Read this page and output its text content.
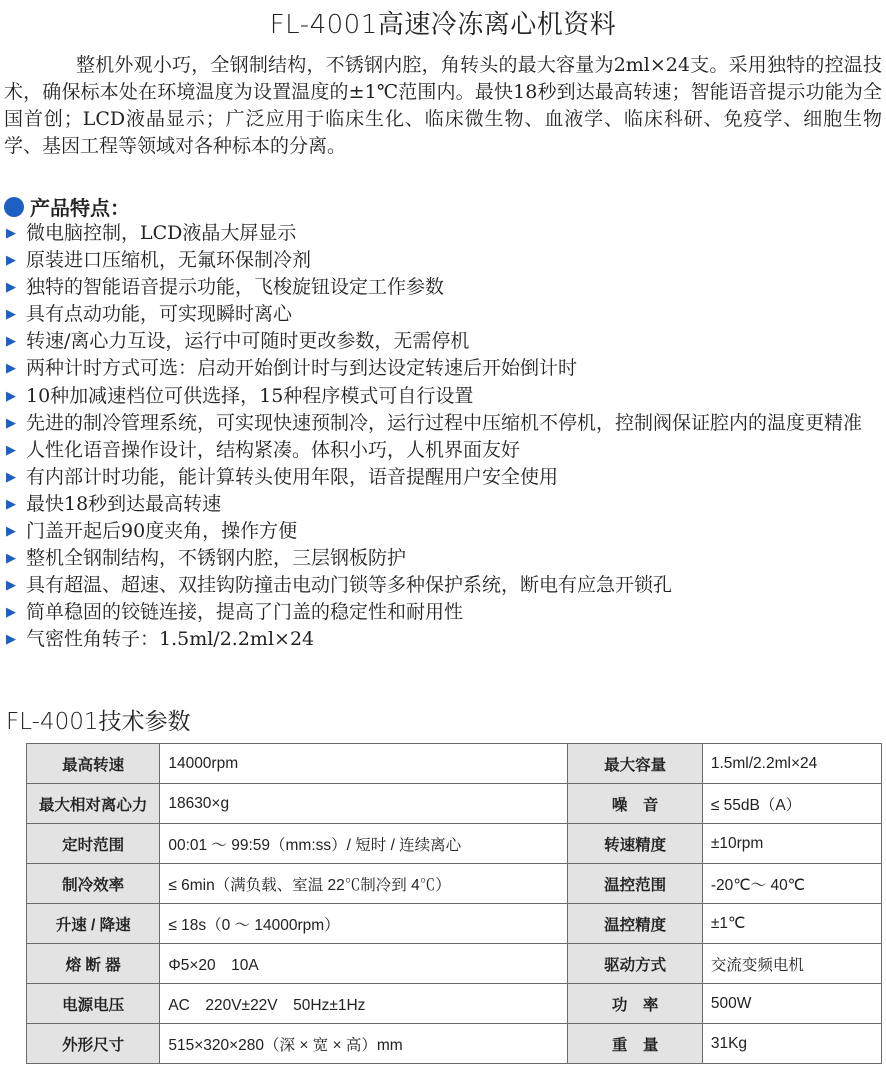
FL-4001高速冷冻离心机资料
整机外观小巧，全钢制结构，不锈钢内腔，角转头的最大容量为2ml×24支。采用独特的控温技术，确保标本处在环境温度为设置温度的±1℃范围内。最快18秒到达最高转速；智能语音提示功能为全国首创；LCD液晶显示；广泛应用于临床生化、临床微生物、血液学、临床科研、免疫学、细胞生物学、基因工程等领域对各种标本的分离。
产品特点：
▶ 微电脑控制，LCD液晶大屏显示
▶ 原装进口压缩机，无氟环保制冷剂
▶ 独特的智能语音提示功能，飞梭旋钮设定工作参数
▶ 具有点动功能，可实现瞬时离心
▶ 转速/离心力互设，运行中可随时更改参数，无需停机
▶ 两种计时方式可选：启动开始倒计时与到达设定转速后开始倒计时
▶ 10种加减速档位可供选择，15种程序模式可自行设置
▶ 先进的制冷管理系统，可实现快速预制冷，运行过程中压缩机不停机，控制阀保证腔内的温度更精准
▶ 人性化语音操作设计，结构紧凑。体积小巧，人机界面友好
▶ 有内部计时功能，能计算转头使用年限，语音提醒用户安全使用
▶ 最快18秒到达最高转速
▶ 门盖开起后90度夹角，操作方便
▶ 整机全钢制结构，不锈钢内腔，三层钢板防护
▶ 具有超温、超速、双挂钩防撞击电动门锁等多种保护系统，断电有应急开锁孔
▶ 简单稳固的铰链连接，提高了门盖的稳定性和耐用性
▶ 气密性角转子：1.5ml/2.2ml×24
FL-4001技术参数
最高转速	14000rpm	最大容量	1.5ml/2.2ml×24
最大相对离心力	18630×g	噪　音	≤ 55dB（A）
定时范围	00:01 ～ 99:59（mm:ss）/ 短时 / 连续离心	转速精度	±10rpm
制冷效率	≤ 6min（满负载、室温 22℃制冷到 4℃）	温控范围	-20℃～ 40℃
升速 / 降速	≤ 18s（0 ～ 14000rpm）	温控精度	±1℃
熔 断 器	Φ5×20　10A	驱动方式	交流变频电机
电源电压	AC　220V±22V　50Hz±1Hz	功　率	500W
外形尺寸	515×320×280（深 × 宽 × 高）mm	重　量	31Kg
